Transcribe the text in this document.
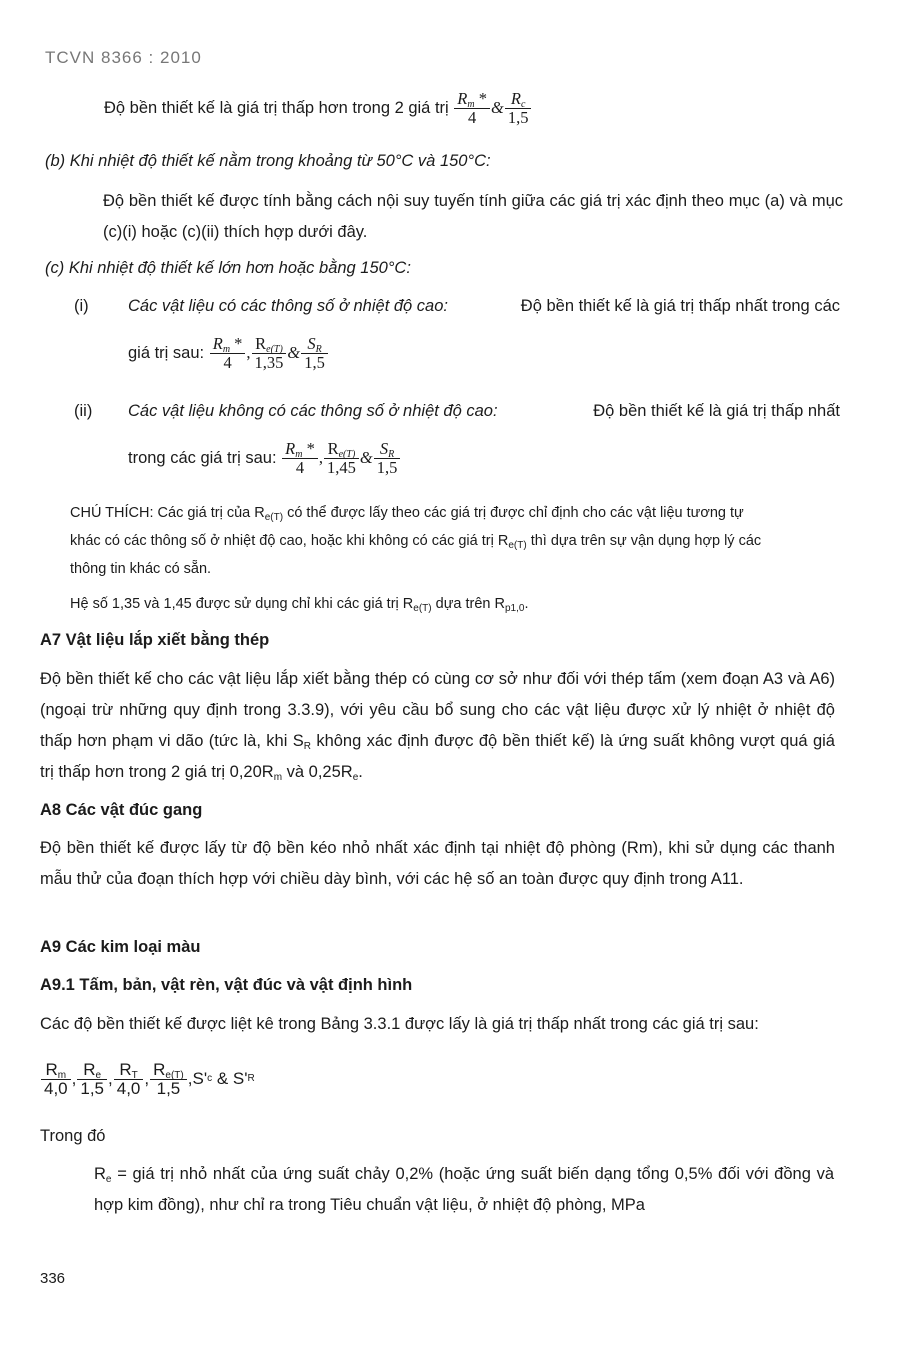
TCVN 8366 : 2010
Độ bền thiết kế là giá trị thấp hơn trong 2 giá trị
$\frac{R_m *}{4}$ & $\frac{R_c}{1,5}$
(b) Khi nhiệt độ thiết kế nằm trong khoảng từ 50°C và 150°C:
Độ bền thiết kế được tính bằng cách nội suy tuyến tính giữa các giá trị xác định theo mục (a) và mục (c)(i) hoặc (c)(ii) thích hợp dưới đây.
(c) Khi nhiệt độ thiết kế lớn hơn hoặc bằng 150°C:
(i) Các vật liệu có các thông số ở nhiệt độ cao:	Độ bền thiết kế là giá trị thấp nhất trong các
giá trị sau:
$\frac{R_m *}{4}$ , $\frac{R_{e(T)}}{1,35}$ & $\frac{S_R}{1,5}$
(ii) Các vật liệu không có các thông số ở nhiệt độ cao:	Độ bền thiết kế là giá trị thấp nhất
trong các giá trị sau:
$\frac{R_m *}{4}$ , $\frac{R_{e(T)}}{1,45}$ & $\frac{S_R}{1,5}$
CHÚ THÍCH: Các giá trị của $R_{e(T)}$ có thể được lấy theo các giá trị được chỉ định cho các vật liệu tương tự
khác có các thông số ở nhiệt độ cao, hoặc khi không có các giá trị $R_{e(T)}$ thì dựa trên sự vận dụng hợp lý các
thông tin khác có sẵn.
Hệ số 1,35 và 1,45 được sử dụng chỉ khi các giá trị $R_{e(T)}$ dựa trên $R_{p1,0}$.
A7 Vật liệu lắp xiết bằng thép
Độ bền thiết kế cho các vật liệu lắp xiết bằng thép có cùng cơ sở như đối với thép tấm (xem đoạn A3 và A6) (ngoại trừ những quy định trong 3.3.9), với yêu cầu bổ sung cho các vật liệu được xử lý nhiệt ở nhiệt độ thấp hơn phạm vi dão (tức là, khi $S_R$ không xác định được độ bền thiết kế) là ứng suất không vượt quá giá trị thấp hơn trong 2 giá trị $0,20R_m$ và $0,25R_e$.
A8 Các vật đúc gang
Độ bền thiết kế được lấy từ độ bền kéo nhỏ nhất xác định tại nhiệt độ phòng (Rm), khi sử dụng các thanh mẫu thử của đoạn thích hợp với chiều dày bình, với các hệ số an toàn được quy định trong A11.
A9 Các kim loại màu
A9.1 Tấm, bản, vật rèn, vật đúc và vật định hình
Các độ bền thiết kế được liệt kê trong Bảng 3.3.1 được lấy là giá trị thấp nhất trong các giá trị sau:
$\frac{R_m}{4,0}$ , $\frac{R_e}{1,5}$ , $\frac{R_T}{4,0}$ , $\frac{R_{e(T)}}{1,5}$ , S' c
&
S' R
Trong đó
$R_e$ = giá trị nhỏ nhất của ứng suất chảy 0,2% (hoặc ứng suất biến dạng tổng 0,5% đối với đồng và hợp kim đồng), như chỉ ra trong Tiêu chuẩn vật liệu, ở nhiệt độ phòng, MPa
336
